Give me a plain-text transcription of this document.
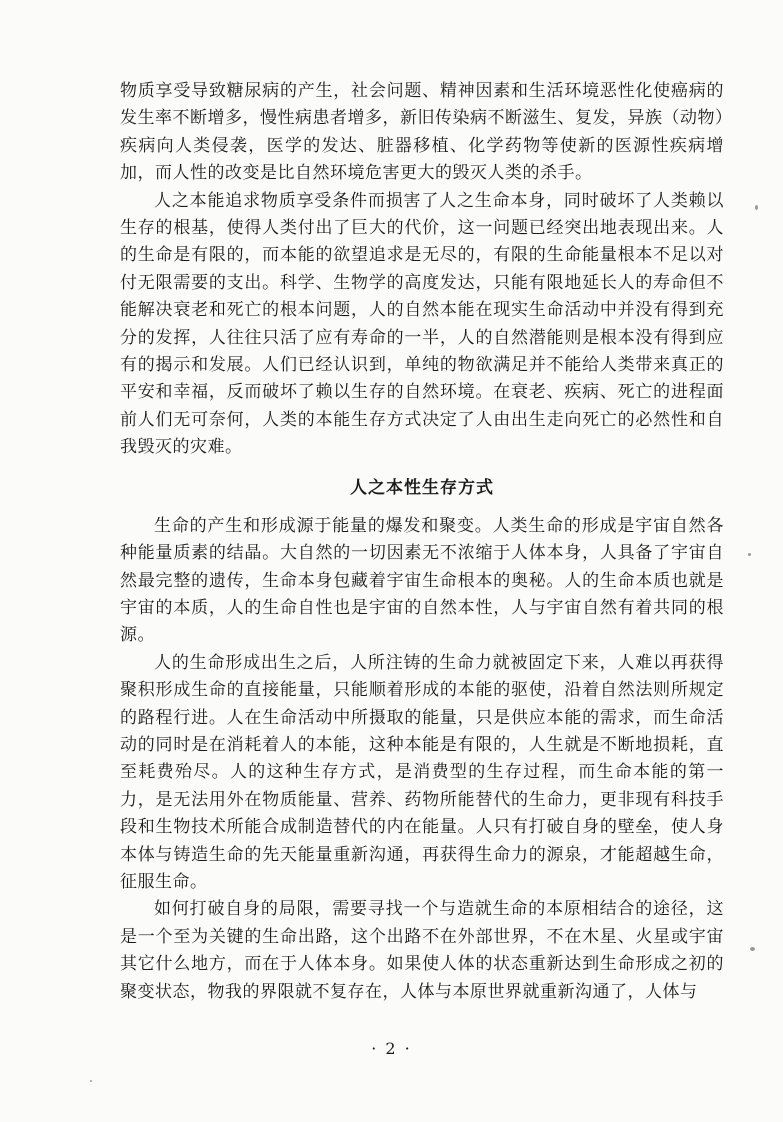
物质享受导致糖尿病的产生，社会问题、精神因素和生活环境恶性化使癌病的发生率不断增多，慢性病患者增多，新旧传染病不断滋生、复发，异族（动物）疾病向人类侵袭，医学的发达、脏器移植、化学药物等使新的医源性疾病增加，而人性的改变是比自然环境危害更大的毁灭人类的杀手。

人之本能追求物质享受条件而损害了人之生命本身，同时破坏了人类赖以生存的根基，使得人类付出了巨大的代价，这一问题已经突出地表现出来。人的生命是有限的，而本能的欲望追求是无尽的，有限的生命能量根本不足以对付无限需要的支出。科学、生物学的高度发达，只能有限地延长人的寿命但不能解决衰老和死亡的根本问题，人的自然本能在现实生命活动中并没有得到充分的发挥，人往往只活了应有寿命的一半，人的自然潜能则是根本没有得到应有的揭示和发展。人们已经认识到，单纯的物欲满足并不能给人类带来真正的平安和幸福，反而破坏了赖以生存的自然环境。在衰老、疾病、死亡的进程面前人们无可奈何，人类的本能生存方式决定了人由出生走向死亡的必然性和自我毁灭的灾难。

人之本性生存方式

生命的产生和形成源于能量的爆发和聚变。人类生命的形成是宇宙自然各种能量质素的结晶。大自然的一切因素无不浓缩于人体本身，人具备了宇宙自然最完整的遗传，生命本身包藏着宇宙生命根本的奥秘。人的生命本质也就是宇宙的本质，人的生命自性也是宇宙的自然本性，人与宇宙自然有着共同的根源。

人的生命形成出生之后，人所注铸的生命力就被固定下来，人难以再获得聚积形成生命的直接能量，只能顺着形成的本能的驱使，沿着自然法则所规定的路程行进。人在生命活动中所摄取的能量，只是供应本能的需求，而生命活动的同时是在消耗着人的本能，这种本能是有限的，人生就是不断地损耗，直至耗费殆尽。人的这种生存方式，是消费型的生存过程，而生命本能的第一力，是无法用外在物质能量、营养、药物所能替代的生命力，更非现有科技手段和生物技术所能合成制造替代的内在能量。人只有打破自身的壁垒，使人身本体与铸造生命的先天能量重新沟通，再获得生命力的源泉，才能超越生命，征服生命。

如何打破自身的局限，需要寻找一个与造就生命的本原相结合的途径，这是一个至为关键的生命出路，这个出路不在外部世界，不在木星、火星或宇宙其它什么地方，而在于人体本身。如果使人体的状态重新达到生命形成之初的聚变状态，物我的界限就不复存在，人体与本原世界就重新沟通了，人体与

· 2 ·
